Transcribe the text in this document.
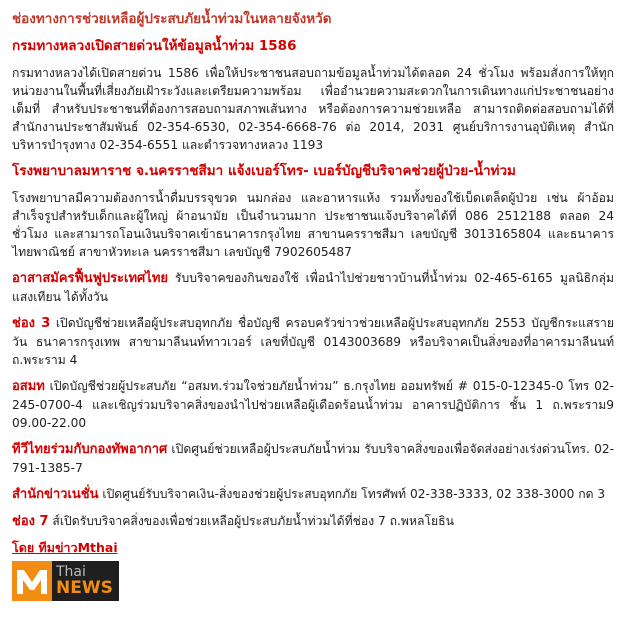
ช่องทางการช่วยเหลือผู้ประสบภัยน้ำท่วมในหลายจังหวัด
กรมทางหลวงเปิดสายด่วนให้ข้อมูลน้ำท่วม 1586
กรมทางหลวงได้เปิดสายด่วน 1586 เพื่อให้ประชาชนสอบถามข้อมูลน้ำท่วมได้ตลอด 24 ชั่วโมง พร้อมสั่งการให้ทุกหน่วยงานในพื้นที่เสี่ยงภัยเฝ้าระวังและเตรียมความพร้อม เพื่ออำนวยความสะดวกในการเดินทางแก่ประชาชนอย่างเต็มที่ สำหรับประชาชนที่ต้องการสอบถามสภาพเส้นทาง หรือต้องการความช่วยเหลือ สามารถติดต่อสอบถามได้ที่สำนักงานประชาสัมพันธ์ 02-354-6530, 02-354-6668-76 ต่อ 2014, 2031 ศูนย์บริการงานอุบัติเหตุ สำนักบริหารบำรุงทาง 02-354-6551 และตำรวจทางหลวง 1193
โรงพยาบาลมหาราช จ.นครราชสีมา แจ้งเบอร์โทร- เบอร์บัญชีบริจาคช่วยผู้ป่วย-น้ำท่วม
โรงพยาบาลมีความต้องการน้ำดื่มบรรจุขวด นมกล่อง และอาหารแห้ง รวมทั้งของใช้เบ็ดเตล็ดผู้ป่วย เช่น ผ้าอ้อมสำเร็จรูปสำหรับเด็กและผู้ใหญ่ ผ้าอนามัย เป็นจำนวนมาก ประชาชนแจ้งบริจาคได้ที่ 086 2512188 ตลอด 24 ชั่วโมง และสามารถโอนเงินบริจาคเข้าธนาคารกรุงไทย สาขานครราชสีมา เลขบัญชี 3013165804 และธนาคารไทยพาณิชย์ สาขาหัวทะเล นครราชสีมา เลขบัญชี 7902605487
อาสาสมัครฟื้นฟูประเทศไทย รับบริจาคของกินของใช้ เพื่อนำไปช่วยชาวบ้านที่น้ำท่วม 02-465-6165 มูลนิธิกลุ่มแสงเทียน ได้ทั้งวัน
ช่อง 3 เปิดบัญชีช่วยเหลือผู้ประสบอุทกภัย ชื่อบัญชี ครอบครัวข่าวช่วยเหลือผู้ประสบอุทกภัย 2553 บัญชีกระแสรายวัน ธนาคารกรุงเทพ สาขามาลีนนท์ทาวเวอร์ เลขที่บัญชี 0143003689 หรือบริจาคเป็นสิ่งของที่อาคารมาลีนนท์ ถ.พระราม 4
อสมท เปิดบัญชีช่วยผู้ประสบภัย “อสมท.ร่วมใจช่วยภัยน้ำท่วม” ธ.กรุงไทย ออมทรัพย์ # 015-0-12345-0 โทร 02-245-0700-4 และเชิญร่วมบริจาคสิ่งของนำไปช่วยเหลือผู้เดือดร้อนน้ำท่วม อาคารปฏิบัติการ ชั้น 1 ถ.พระราม9 09.00-22.00
ทีวีไทยร่วมกับกองทัพอากาศ เปิดศูนย์ช่วยเหลือผู้ประสบภัยน้ำท่วม รับบริจาคสิ่งของเพื่อจัดส่งอย่างเร่งด่วนโทร. 02-791-1385-7
สำนักข่าวเนชั่น เปิดศูนย์รับบริจาคเงิน-สิ่งของช่วยผู้ประสบอุทกภัย โทรศัพท์ 02-338-3333, 02 338-3000 กด 3
ช่อง 7 ส์เปิดรับบริจาคสิ่งของเพื่อช่วยเหลือผู้ประสบภัยน้ำท่วมได้ที่ช่อง 7 ถ.พหลโยธิน
โดย ทีมข่าวMthai
Thai
NEWS
